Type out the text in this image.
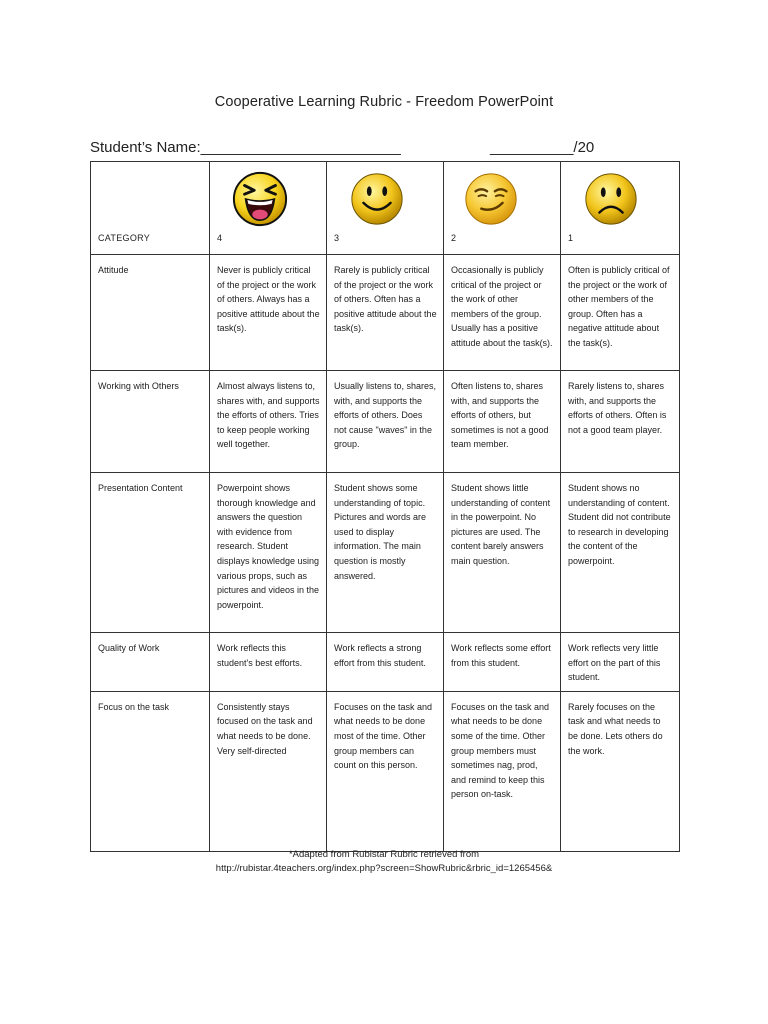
Cooperative Learning Rubric - Freedom PowerPoint
Student’s Name:________________________	__________/20
CATEGORY	4	3	2	1

Attitude	Never is publicly critical of the project or the work of others. Always has a positive attitude about the task(s).	Rarely is publicly critical of the project or the work of others. Often has a positive attitude about the task(s).	Occasionally is publicly critical of the project or the work of other members of the group. Usually has a positive attitude about the task(s).	Often is publicly critical of the project or the work of other members of the group. Often has a negative attitude about the task(s).

Working with Others	Almost always listens to, shares with, and supports the efforts of others. Tries to keep people working well together.	Usually listens to, shares, with, and supports the efforts of others. Does not cause "waves" in the group.	Often listens to, shares with, and supports the efforts of others, but sometimes is not a good team member.	Rarely listens to, shares with, and supports the efforts of others. Often is not a good team player.

Presentation Content	Powerpoint shows thorough knowledge and answers the question with evidence from research. Student displays knowledge using various props, such as pictures and videos in the powerpoint.	Student shows some understanding of topic. Pictures and words are used to display information. The main question is mostly answered.	Student shows little understanding of content in the powerpoint. No pictures are used. The content barely answers main question.	Student shows no understanding of content. Student did not contribute to research in developing the content of the powerpoint.

Quality of Work	Work reflects this student's best efforts.	Work reflects a strong effort from this student.	Work reflects some effort from this student.	Work reflects very little effort on the part of this student.

Focus on the task	Consistently stays focused on the task and what needs to be done. Very self-directed	Focuses on the task and what needs to be done most of the time. Other group members can count on this person.	Focuses on the task and what needs to be done some of the time. Other group members must sometimes nag, prod, and remind to keep this person on-task.	Rarely focuses on the task and what needs to be done. Lets others do the work.
*Adapted from Rubistar Rubric retrieved from
http://rubistar.4teachers.org/index.php?screen=ShowRubric&rbric_id=1265456&
